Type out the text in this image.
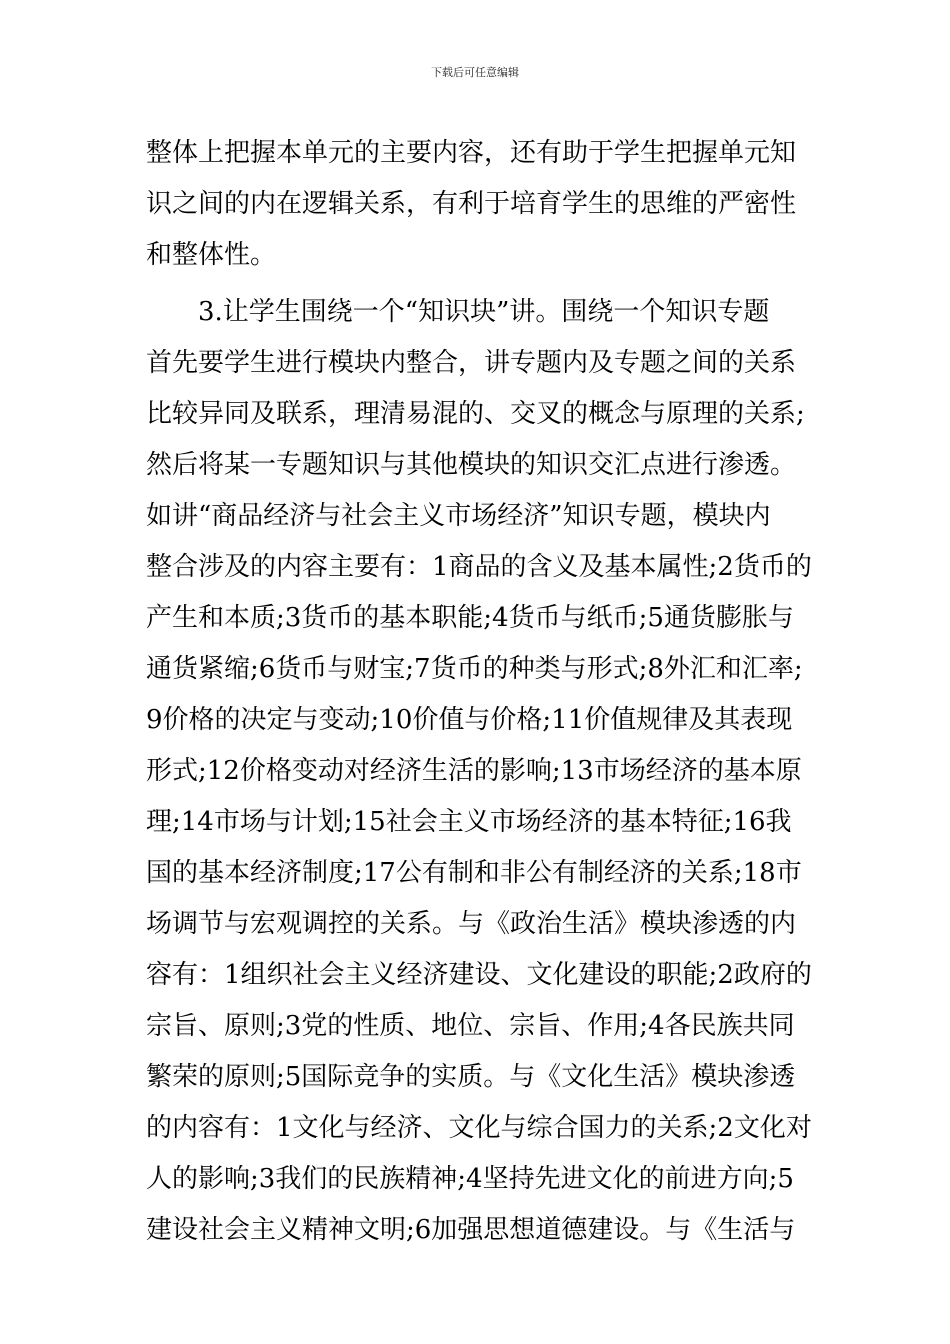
下载后可任意编辑
整体上把握本单元的主要内容，还有助于学生把握单元知
识之间的内在逻辑关系，有利于培育学生的思维的严密性
和整体性。
　　3.让学生围绕一个“知识块”讲。围绕一个知识专题
首先要学生进行模块内整合，讲专题内及专题之间的关系
比较异同及联系，理清易混的、交叉的概念与原理的关系;
然后将某一专题知识与其他模块的知识交汇点进行渗透。
如讲“商品经济与社会主义市场经济”知识专题，模块内
整合涉及的内容主要有：1商品的含义及基本属性;2货币的
产生和本质;3货币的基本职能;4货币与纸币;5通货膨胀与
通货紧缩;6货币与财宝;7货币的种类与形式;8外汇和汇率;
9价格的决定与变动;10价值与价格;11价值规律及其表现
形式;12价格变动对经济生活的影响;13市场经济的基本原
理;14市场与计划;15社会主义市场经济的基本特征;16我
国的基本经济制度;17公有制和非公有制经济的关系;18市
场调节与宏观调控的关系。与《政治生活》模块渗透的内
容有：1组织社会主义经济建设、文化建设的职能;2政府的
宗旨、原则;3党的性质、地位、宗旨、作用;4各民族共同
繁荣的原则;5国际竞争的实质。与《文化生活》模块渗透
的内容有：1文化与经济、文化与综合国力的关系;2文化对
人的影响;3我们的民族精神;4坚持先进文化的前进方向;5
建设社会主义精神文明;6加强思想道德建设。与《生活与
